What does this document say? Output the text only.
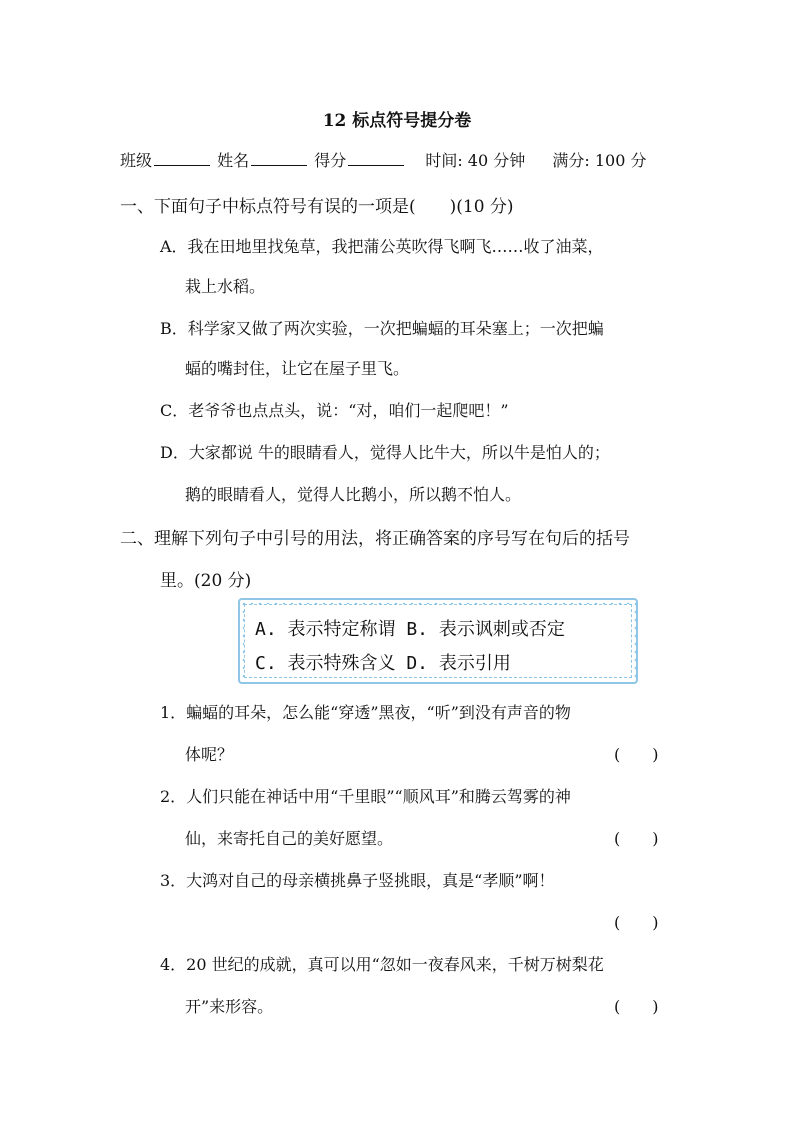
12 标点符号提分卷
班级	姓名	得分	时间: 40 分钟 满分: 100 分
一、下面句子中标点符号有误的一项是(　　)(10 分)
A．我在田地里找兔草，我把蒲公英吹得飞啊飞……收了油菜，
栽上水稻。
B．科学家又做了两次实验，一次把蝙蝠的耳朵塞上；一次把蝙
蝠的嘴封住，让它在屋子里飞。
C．老爷爷也点点头，说：“对，咱们一起爬吧！”
D．大家都说 牛的眼睛看人，觉得人比牛大，所以牛是怕人的；
鹅的眼睛看人，觉得人比鹅小，所以鹅不怕人。
二、理解下列句子中引号的用法，将正确答案的序号写在句后的括号
里。(20 分)
A. 表示特定称谓 B. 表示讽刺或否定
C. 表示特殊含义 D. 表示引用
1．蝙蝠的耳朵，怎么能“穿透”黑夜，“听”到没有声音的物
体呢？	(　　)
2．人们只能在神话中用“千里眼”“顺风耳”和腾云驾雾的神
仙，来寄托自己的美好愿望。	(　　)
3．大鸿对自己的母亲横挑鼻子竖挑眼，真是“孝顺”啊！
(　　)
4．20 世纪的成就，真可以用“忽如一夜春风来，千树万树梨花
开”来形容。	(　　)
